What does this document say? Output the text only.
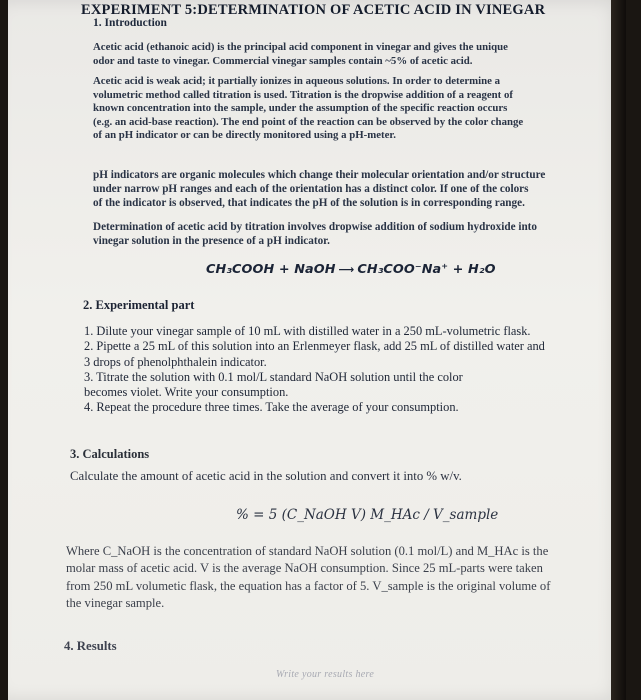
EXPERIMENT 5:DETERMINATION OF ACETIC ACID IN VINEGAR
1. Introduction
Acetic acid (ethanoic acid) is the principal acid component in vinegar and gives the unique
odor and taste to vinegar. Commercial vinegar samples contain ~5% of acetic acid.
Acetic acid is weak acid; it partially ionizes in aqueous solutions. In order to determine a
volumetric method called titration is used. Titration is the dropwise addition of a reagent of
known concentration into the sample, under the assumption of the specific reaction occurs
(e.g. an acid-base reaction). The end point of the reaction can be observed by the color change
of an pH indicator or can be directly monitored using a pH-meter.
pH indicators are organic molecules which change their molecular orientation and/or structure
under narrow pH ranges and each of the orientation has a distinct color. If one of the colors
of the indicator is observed, that indicates the pH of the solution is in corresponding range.
Determination of acetic acid by titration involves dropwise addition of sodium hydroxide into
vinegar solution in the presence of a pH indicator.
CH₃COOH + NaOH ⟶ CH₃COO⁻Na⁺ + H₂O
2. Experimental part
1. Dilute your vinegar sample of 10 mL with distilled water in a 250 mL-volumetric flask.
2. Pipette a 25 mL of this solution into an Erlenmeyer flask, add 25 mL of distilled water and
3 drops of phenolphthalein indicator.
3. Titrate the solution with 0.1 mol/L standard NaOH solution until the color
becomes violet. Write your consumption.
4. Repeat the procedure three times. Take the average of your consumption.
3. Calculations
Calculate the amount of acetic acid in the solution and convert it into % w/v.
% = 5 (C_NaOH V) M_HAc / V_sample
Where C_NaOH is the concentration of standard NaOH solution (0.1 mol/L) and M_HAc is the
molar mass of acetic acid. V is the average NaOH consumption. Since 25 mL-parts were taken
from 250 mL volumetic flask, the equation has a factor of 5. V_sample is the original volume of
the vinegar sample.
4. Results
Write your results here
